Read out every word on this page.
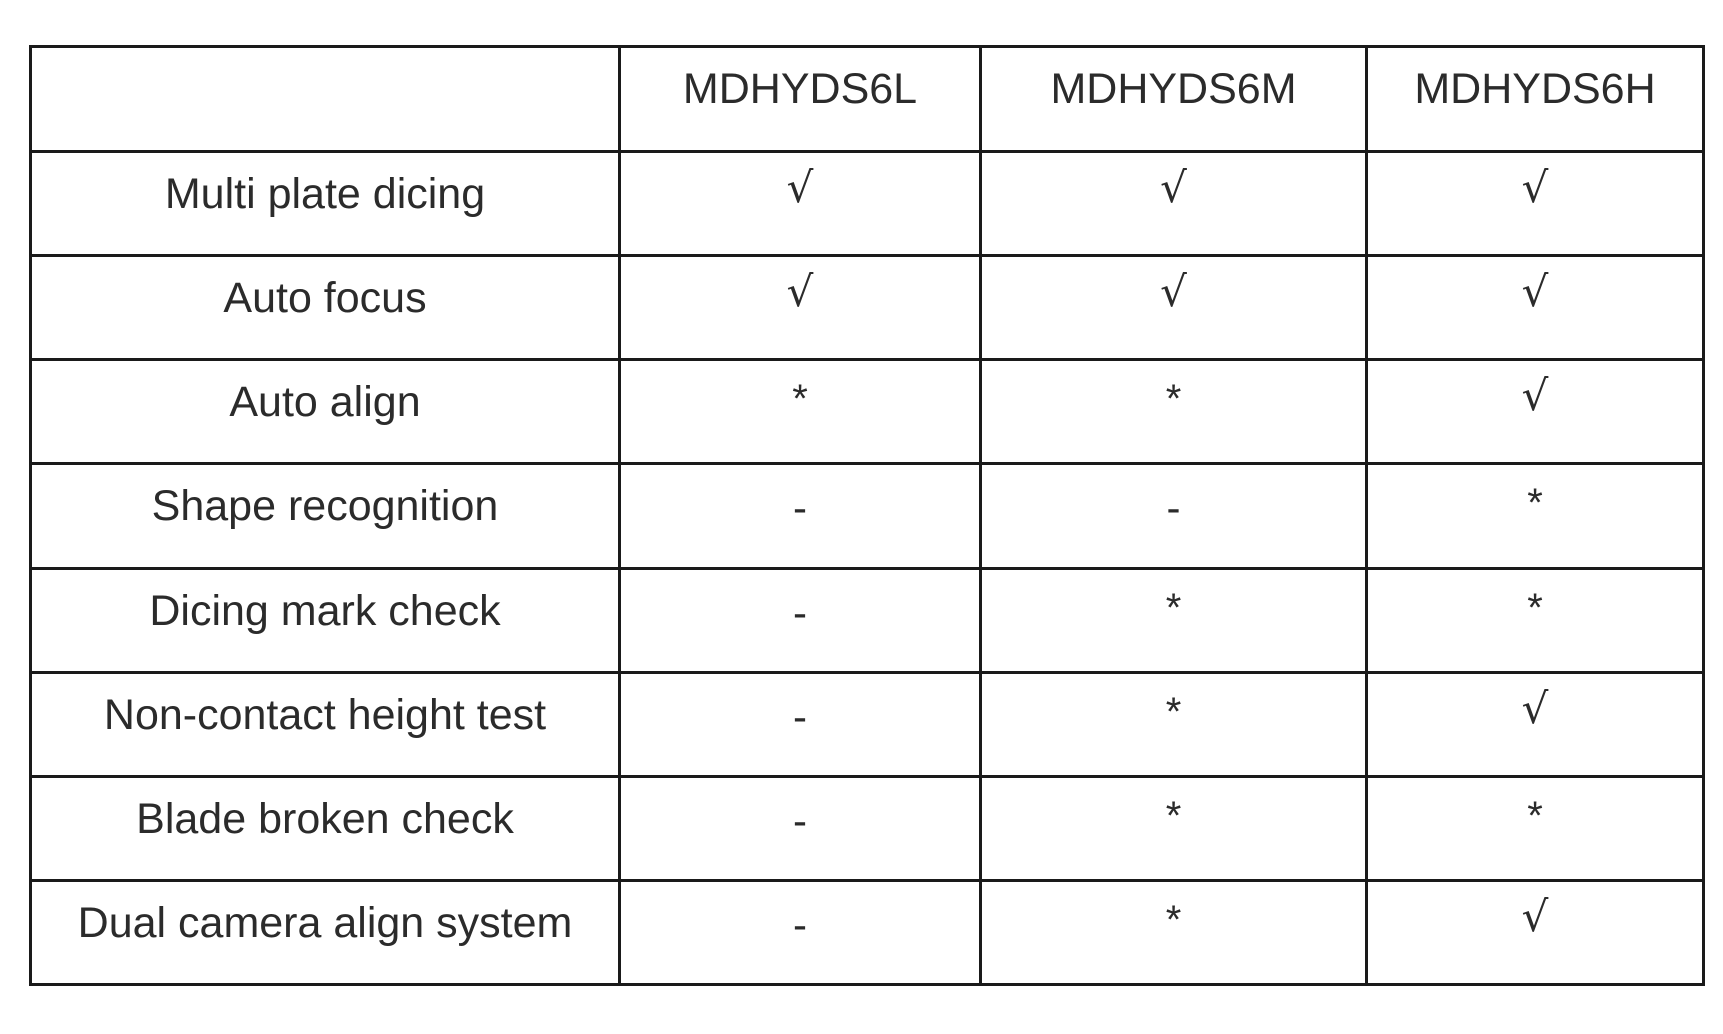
	MDHYDS6L	MDHYDS6M	MDHYDS6H

Multi plate dicing	√	√	√

Auto focus	√	√	√

Auto align	*	*	√

Shape recognition	-	-	*

Dicing mark check	-	*	*

Non-contact height test	-	*	√

Blade broken check	-	*	*

Dual camera align system	-	*	√
